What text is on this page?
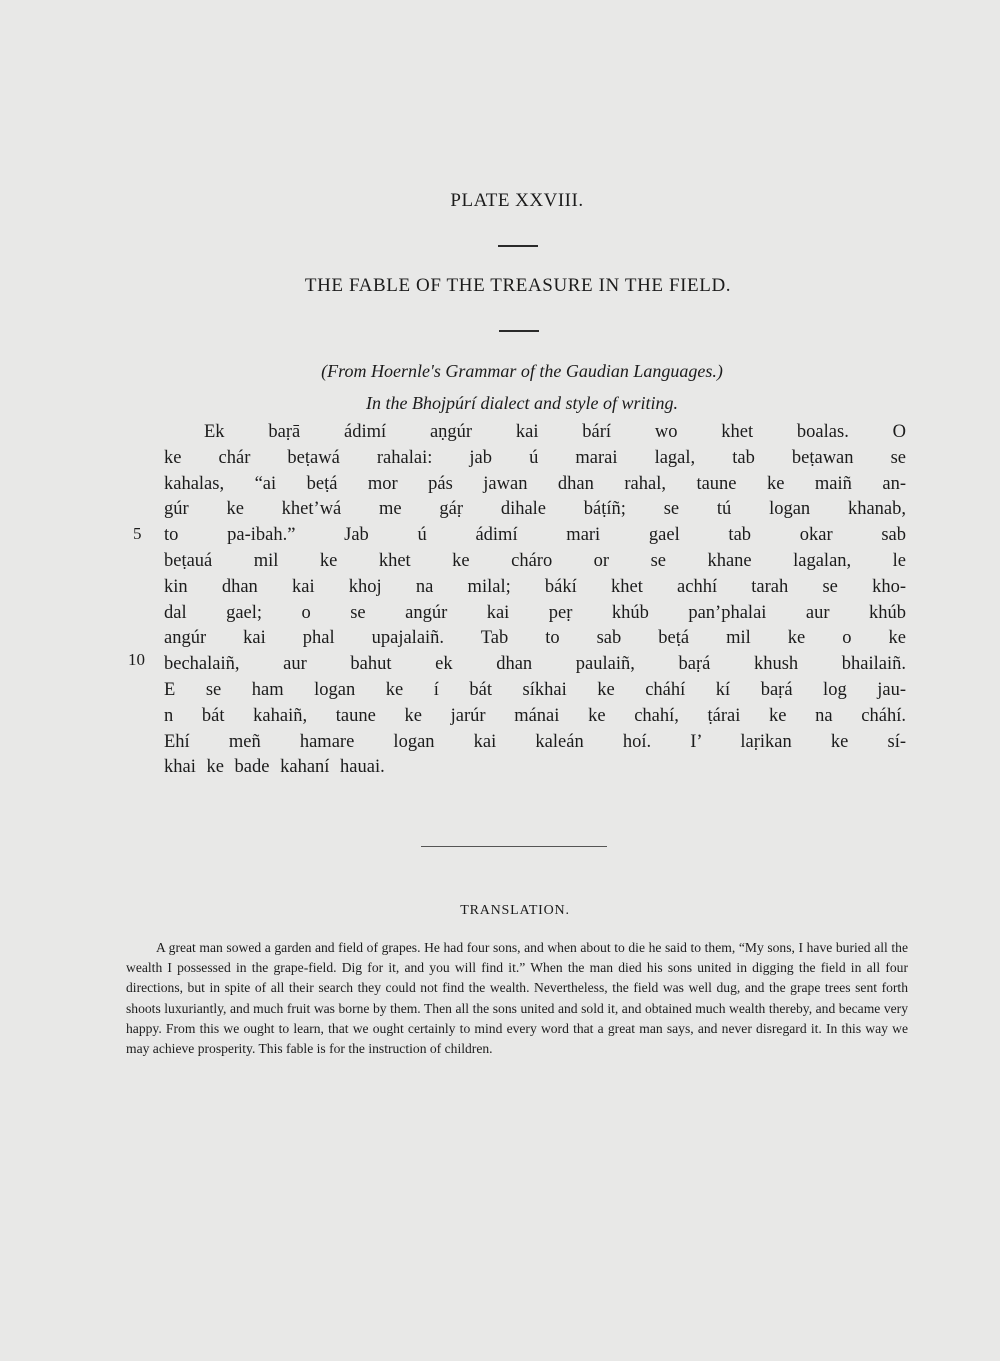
PLATE XXVIII.
THE FABLE OF THE TREASURE IN THE FIELD.
(From Hoernle's Grammar of the Gaudian Languages.)
In the Bhojpúrí dialect and style of writing.
Ek baṛā ádimí aṇgúr kai bárí wo khet boalas. O
ke chár beṭawá rahalai: jab ú marai lagal, tab beṭawan se
kahalas, “ai beṭá mor pás jawan dhan rahal, taune ke maiñ an-
gúr ke khet’wá me gáṛ dihale báṭíñ; se tú logan khanab,
to pa-ibah.” Jab ú ádimí mari gael tab okar sab
beṭauá mil ke khet ke cháro or se khane lagalan, le
kin dhan kai khoj na milal; bákí khet achhí tarah se kho-
dal gael; o se angúr kai peṛ khúb pan’phalai aur khúb
angúr kai phal upajalaiñ. Tab to sab beṭá mil ke o ke
bechalaiñ, aur bahut ek dhan paulaiñ, baṛá khush bhailaiñ.
E se ham logan ke í bát síkhai ke cháhí kí baṛá log jau-
n bát kahaiñ, taune ke jarúr mánai ke chahí, ṭárai ke na cháhí.
Ehí meñ hamare logan kai kaleán hoí. I’ laṛikan ke sí-
khai ke bade kahaní hauai.
5
10
TRANSLATION.
A great man sowed a garden and field of grapes. He had four sons, and when about to die he said to them, “My sons, I have buried all the wealth I possessed in the grape-field. Dig for it, and you will find it.” When the man died his sons united in digging the field in all four directions, but in spite of all their search they could not find the wealth. Nevertheless, the field was well dug, and the grape trees sent forth shoots luxuriantly, and much fruit was borne by them. Then all the sons united and sold it, and obtained much wealth thereby, and became very happy. From this we ought to learn, that we ought certainly to mind every word that a great man says, and never disregard it. In this way we may achieve prosperity. This fable is for the instruction of children.
